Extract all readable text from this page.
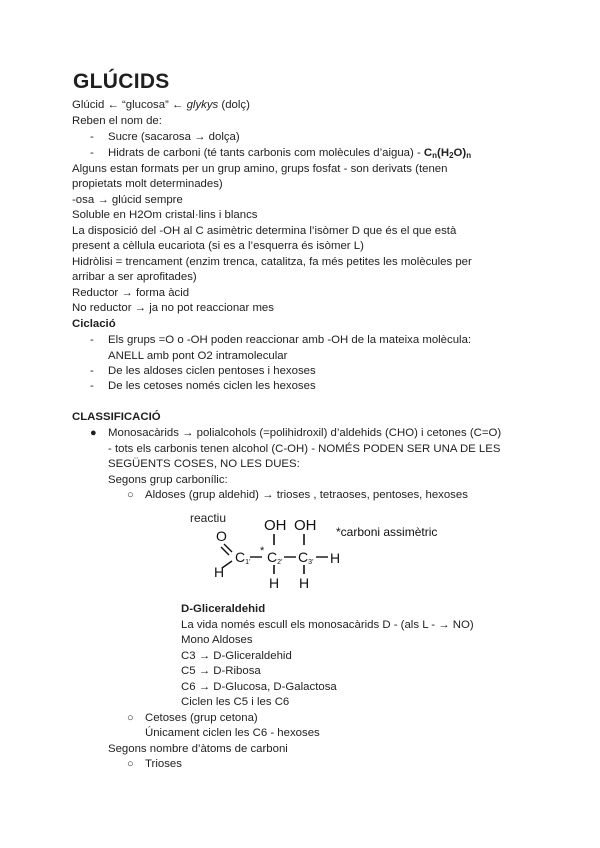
GLÚCIDS
Glúcid ← “glucosa” ← glykys (dolç)
Reben el nom de:
- Sucre (sacarosa → dolça)
- Hidrats de carboni (té tants carbonis com molècules d’aigua) - $C_n(H_2O)_n$
Alguns estan formats per un grup amino, grups fosfat - son derivats (tenen
propietats molt determinades)
-osa → glúcid sempre
Soluble en H2Om cristal·lins i blancs
La disposició del -OH al C asimètric determina l’isòmer D que és el que està
present a cèllula eucariota (si es a l’esquerra és isòmer L)
Hidròlisi = trencament (enzim trenca, catalitza, fa més petites les molècules per
arribar a ser aprofitades)
Reductor → forma àcid
No reductor → ja no pot reaccionar mes
Ciclació
- Els grups =O o -OH poden reaccionar amb -OH de la mateixa molècula:
ANELL amb pont O2 intramolecular
- De les aldoses ciclen pentoses i hexoses
- De les cetoses només ciclen les hexoses
CLASSIFICACIÓ
● Monosacàrids → polialcohols (=polihidroxil) d’aldehids (CHO) i cetones (C=O)
- tots els carbonis tenen alcohol (C-OH) - NOMÉS PODEN SER UNA DE LES
SEGÜENTS COSES, NO LES DUES:
Segons grup carbonílic:
○ Aldoses (grup aldehid) → trioses , tetraoses, pentoses, hexoses
reactiu	OH OH *carboni assimètric
O
H
C1’
* C2’ C3’ H
H H
D-Gliceraldehid
La vida només escull els monosacàrids D - (als L - → NO)
Mono Aldoses
C3 → D-Gliceraldehid
C5 → D-Ribosa
C6 → D-Glucosa, D-Galactosa
Ciclen les C5 i les C6
○ Cetoses (grup cetona)
Únicament ciclen les C6 - hexoses
Segons nombre d’àtoms de carboni
○ Trioses
